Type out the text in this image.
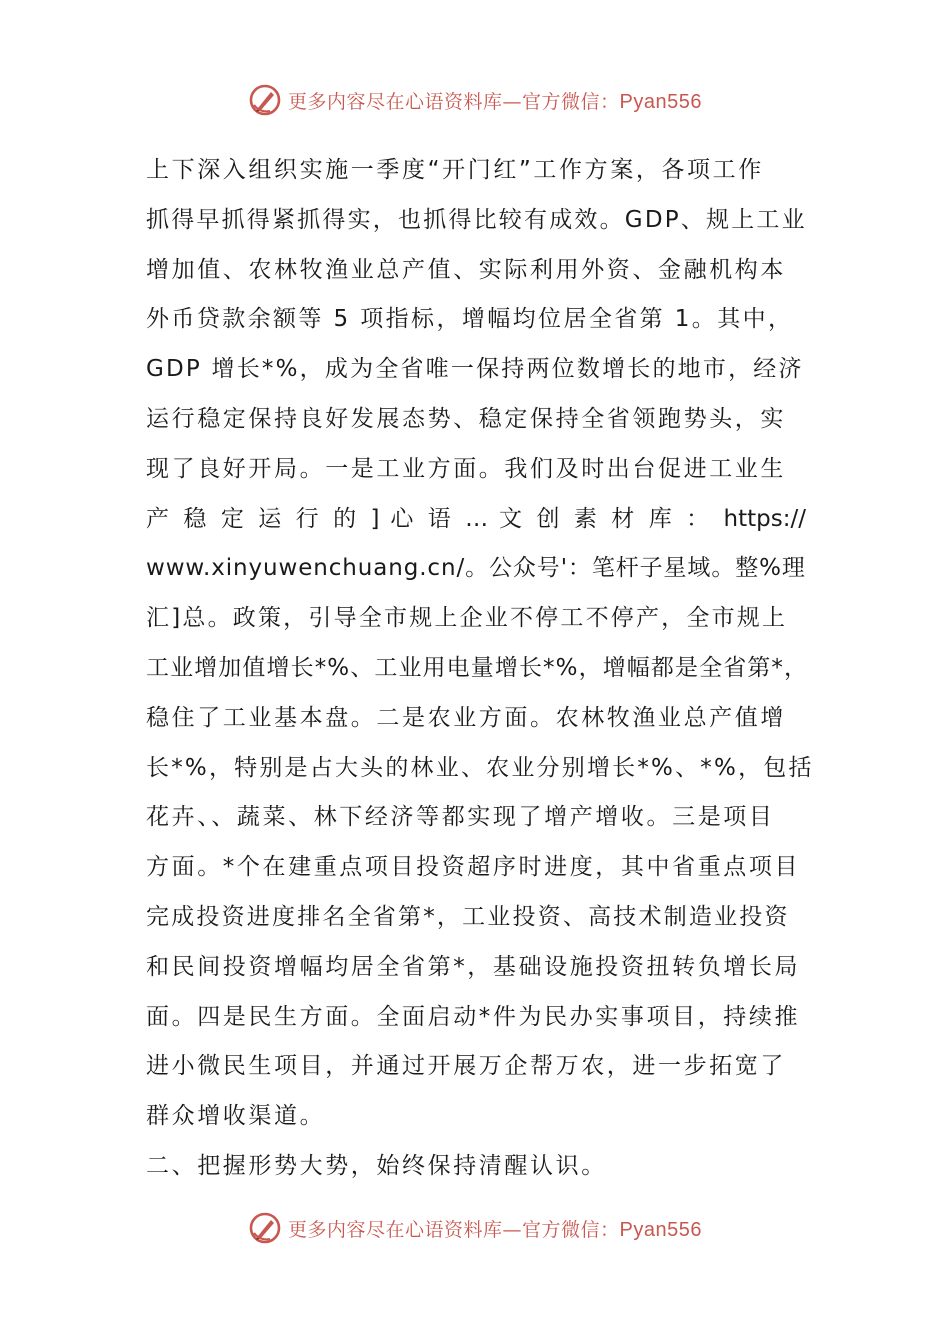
更多内容尽在心语资料库—官方微信：Pyan556
上下深入组织实施一季度“开门红”工作方案，各项工作
抓得早抓得紧抓得实，也抓得比较有成效。GDP、规上工业
增加值、农林牧渔业总产值、实际利用外资、金融机构本
外币贷款余额等 5 项指标，增幅均位居全省第 1。其中，
GDP 增长*%，成为全省唯一保持两位数增长的地市，经济
运行稳定保持良好发展态势、稳定保持全省领跑势头，实
现了良好开局。一是工业方面。我们及时出台促进工业生
产 稳 定 运 行 的 ] 心 语 … 文 创 素 材 库 ： https://
www.xinyuwenchuang.cn/。公众号'：笔杆子星域。整%理
汇]总。政策，引导全市规上企业不停工不停产，全市规上
工业增加值增长*%、工业用电量增长*%，增幅都是全省第*，
稳住了工业基本盘。二是农业方面。农林牧渔业总产值增
长*%，特别是占大头的林业、农业分别增长*%、*%，包括
花卉、、蔬菜、林下经济等都实现了增产增收。三是项目
方面。*个在建重点项目投资超序时进度，其中省重点项目
完成投资进度排名全省第*，工业投资、高技术制造业投资
和民间投资增幅均居全省第*，基础设施投资扭转负增长局
面。四是民生方面。全面启动*件为民办实事项目，持续推
进小微民生项目，并通过开展万企帮万农，进一步拓宽了
群众增收渠道。
二、把握形势大势，始终保持清醒认识。
更多内容尽在心语资料库—官方微信：Pyan556
